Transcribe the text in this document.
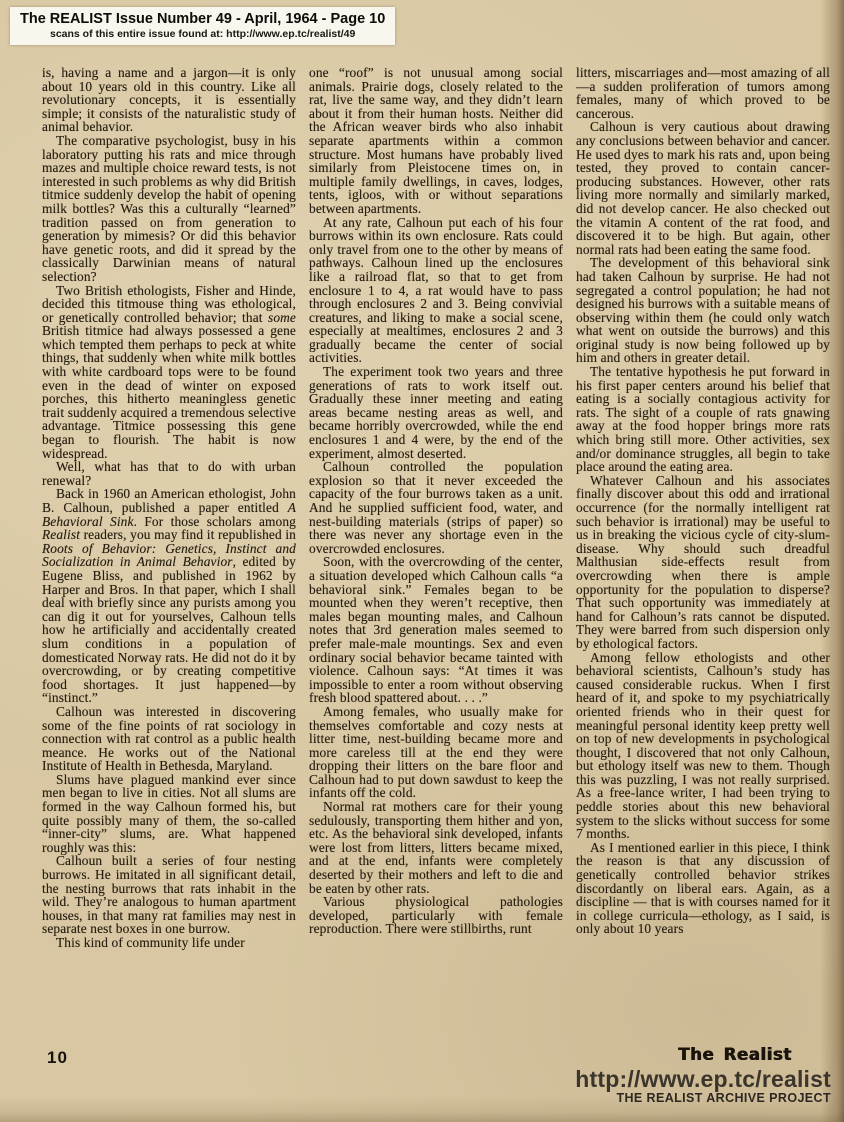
The REALIST Issue Number 49 - April, 1964 - Page 10
scans of this entire issue found at: http://www.ep.tc/realist/49

is, having a name and a jargon—it is only about 10 years old in this country. Like all revolutionary concepts, it is essentially simple; it consists of the naturalistic study of animal behavior.

The comparative psychologist, busy in his laboratory putting his rats and mice through mazes and multiple choice reward tests, is not interested in such problems as why did British titmice suddenly develop the habit of opening milk bottles? Was this a culturally “learned” tradition passed on from generation to generation by mimesis? Or did this behavior have genetic roots, and did it spread by the classically Darwinian means of natural selection?

Two British ethologists, Fisher and Hinde, decided this titmouse thing was ethological, or genetically controlled behavior; that some British titmice had always possessed a gene which tempted them perhaps to peck at white things, that suddenly when white milk bottles with white cardboard tops were to be found even in the dead of winter on exposed porches, this hitherto meaningless genetic trait suddenly acquired a tremendous selective advantage. Titmice possessing this gene began to flourish. The habit is now widespread.

Well, what has that to do with urban renewal?

Back in 1960 an American ethologist, John B. Calhoun, published a paper entitled A Behavioral Sink. For those scholars among Realist readers, you may find it republished in Roots of Behavior: Genetics, Instinct and Socialization in Animal Behavior, edited by Eugene Bliss, and published in 1962 by Harper and Bros. In that paper, which I shall deal with briefly since any purists among you can dig it out for yourselves, Calhoun tells how he artificially and accidentally created slum conditions in a population of domesticated Norway rats. He did not do it by overcrowding, or by creating competitive food shortages. It just happened—by “instinct.”

Calhoun was interested in discovering some of the fine points of rat sociology in connection with rat control as a public health meance. He works out of the National Institute of Health in Bethesda, Maryland.

Slums have plagued mankind ever since men began to live in cities. Not all slums are formed in the way Calhoun formed his, but quite possibly many of them, the so-called “inner-city” slums, are. What happened roughly was this:

Calhoun built a series of four nesting burrows. He imitated in all significant detail, the nesting burrows that rats inhabit in the wild. They’re analogous to human apartment houses, in that many rat families may nest in separate nest boxes in one burrow.

This kind of community life under

one “roof” is not unusual among social animals. Prairie dogs, closely related to the rat, live the same way, and they didn’t learn about it from their human hosts. Neither did the African weaver birds who also inhabit separate apartments within a common structure. Most humans have probably lived similarly from Pleistocene times on, in multiple family dwellings, in caves, lodges, tents, igloos, with or without separations between apartments.

At any rate, Calhoun put each of his four burrows within its own enclosure. Rats could only travel from one to the other by means of pathways. Calhoun lined up the enclosures like a railroad flat, so that to get from enclosure 1 to 4, a rat would have to pass through enclosures 2 and 3. Being convivial creatures, and liking to make a social scene, especially at mealtimes, enclosures 2 and 3 gradually became the center of social activities.

The experiment took two years and three generations of rats to work itself out. Gradually these inner meeting and eating areas became nesting areas as well, and became horribly overcrowded, while the end enclosures 1 and 4 were, by the end of the experiment, almost deserted.

Calhoun controlled the population explosion so that it never exceeded the capacity of the four burrows taken as a unit. And he supplied sufficient food, water, and nest-building materials (strips of paper) so there was never any shortage even in the overcrowded enclosures.

Soon, with the overcrowding of the center, a situation developed which Calhoun calls “a behavioral sink.” Females began to be mounted when they weren’t receptive, then males began mounting males, and Calhoun notes that 3rd generation males seemed to prefer male-male mountings. Sex and even ordinary social behavior became tainted with violence. Calhoun says: “At times it was impossible to enter a room without observing fresh blood spattered about. . . .”

Among females, who usually make for themselves comfortable and cozy nests at litter time, nest-building became more and more careless till at the end they were dropping their litters on the bare floor and Calhoun had to put down sawdust to keep the infants off the cold.

Normal rat mothers care for their young sedulously, transporting them hither and yon, etc. As the behavioral sink developed, infants were lost from litters, litters became mixed, and at the end, infants were completely deserted by their mothers and left to die and be eaten by other rats.

Various physiological pathologies developed, particularly with female reproduction. There were stillbirths, runt

litters, miscarriages and—most amazing of all—a sudden proliferation of tumors among females, many of which proved to be cancerous.

Calhoun is very cautious about drawing any conclusions between behavior and cancer. He used dyes to mark his rats and, upon being tested, they proved to contain cancer-producing substances. However, other rats living more normally and similarly marked, did not develop cancer. He also checked out the vitamin A content of the rat food, and discovered it to be high. But again, other normal rats had been eating the same food.

The development of this behavioral sink had taken Calhoun by surprise. He had not segregated a control population; he had not designed his burrows with a suitable means of observing within them (he could only watch what went on outside the burrows) and this original study is now being followed up by him and others in greater detail.

The tentative hypothesis he put forward in his first paper centers around his belief that eating is a socially contagious activity for rats. The sight of a couple of rats gnawing away at the food hopper brings more rats which bring still more. Other activities, sex and/or dominance struggles, all begin to take place around the eating area.

Whatever Calhoun and his associates finally discover about this odd and irrational occurrence (for the normally intelligent rat such behavior is irrational) may be useful to us in breaking the vicious cycle of city-slum-disease. Why should such dreadful Malthusian side-effects result from overcrowding when there is ample opportunity for the population to disperse? That such opportunity was immediately at hand for Calhoun’s rats cannot be disputed. They were barred from such dispersion only by ethological factors.

Among fellow ethologists and other behavioral scientists, Calhoun’s study has caused considerable ruckus. When I first heard of it, and spoke to my psychiatrically oriented friends who in their quest for meaningful personal identity keep pretty well on top of new developments in psychological thought, I discovered that not only Calhoun, but ethology itself was new to them. Though this was puzzling, I was not really surprised. As a free-lance writer, I had been trying to peddle stories about this new behavioral system to the slicks without success for some 7 months.

As I mentioned earlier in this piece, I think the reason is that any discussion of genetically controlled behavior strikes discordantly on liberal ears. Again, as a discipline — that is with courses named for it in college curricula—ethology, as I said, is only about 10 years

10	The Realist
http://www.ep.tc/realist
THE REALIST ARCHIVE PROJECT
